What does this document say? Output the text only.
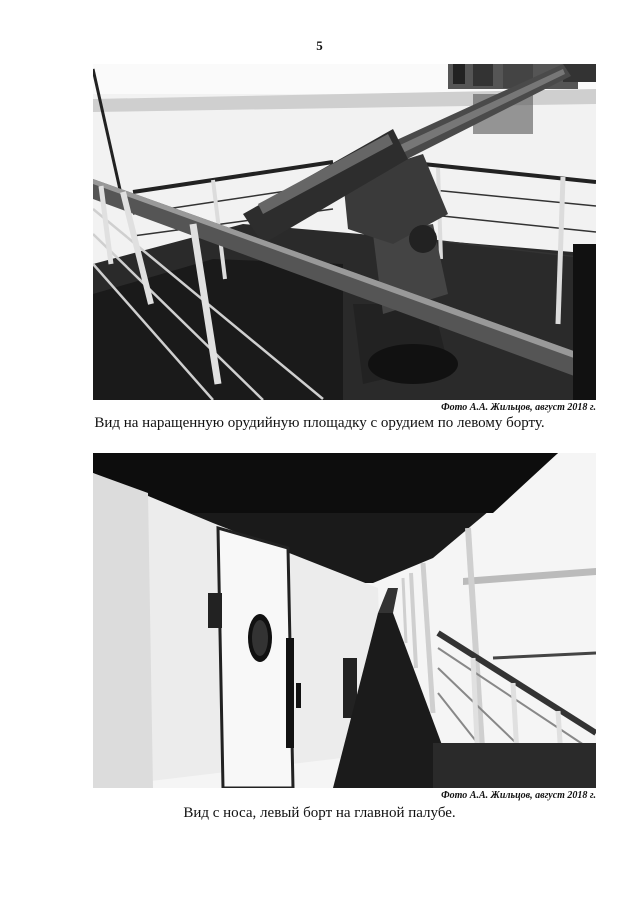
5
Фото А.А. Жильцов, август 2018 г.
Вид на наращенную орудийную площадку с орудием по левому борту.
Фото А.А. Жильцов, август 2018 г.
Вид с носа, левый борт на главной палубе.
